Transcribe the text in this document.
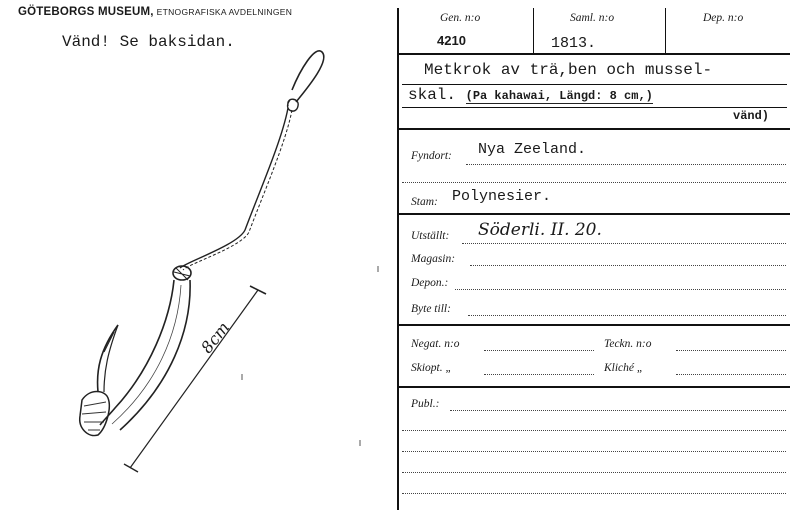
GÖTEBORGS MUSEUM, ETNOGRAFISKA AVDELNINGEN
Vänd! Se baksidan.
8cm
Gen. n:o	Saml. n:o	Dep. n:o
4210	1813.
Metkrok av trä,ben och mussel-
skal. (Pa kahawai, Längd: 8 cm,)
vänd)
Fyndort: Nya Zeeland.
Stam: Polynesier.
Utställt: Söderli. II. 20.
Magasin:
Depon.:
Byte till:
Negat. n:o	Teckn. n:o
Skiopt. „	Kliché „
Publ.:
